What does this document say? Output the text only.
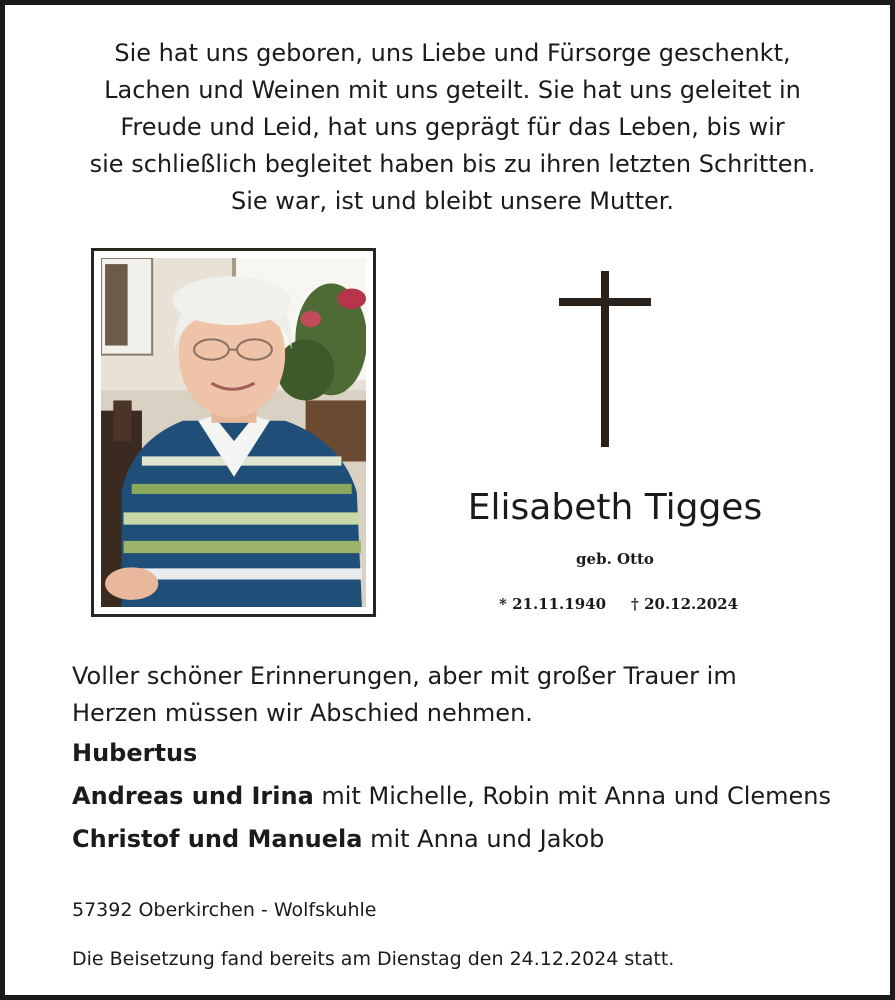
Sie hat uns geboren, uns Liebe und Fürsorge geschenkt,
Lachen und Weinen mit uns geteilt. Sie hat uns geleitet in
Freude und Leid, hat uns geprägt für das Leben, bis wir
sie schließlich begleitet haben bis zu ihren letzten Schritten.
Sie war, ist und bleibt unsere Mutter.
Elisabeth Tigges
geb. Otto
* 21.11.1940 † 20.12.2024
Voller schöner Erinnerungen, aber mit großer Trauer im
Herzen müssen wir Abschied nehmen.
Hubertus
Andreas und Irina mit Michelle, Robin mit Anna und Clemens
Christof und Manuela mit Anna und Jakob
57392 Oberkirchen - Wolfskuhle
Die Beisetzung fand bereits am Dienstag den 24.12.2024 statt.
